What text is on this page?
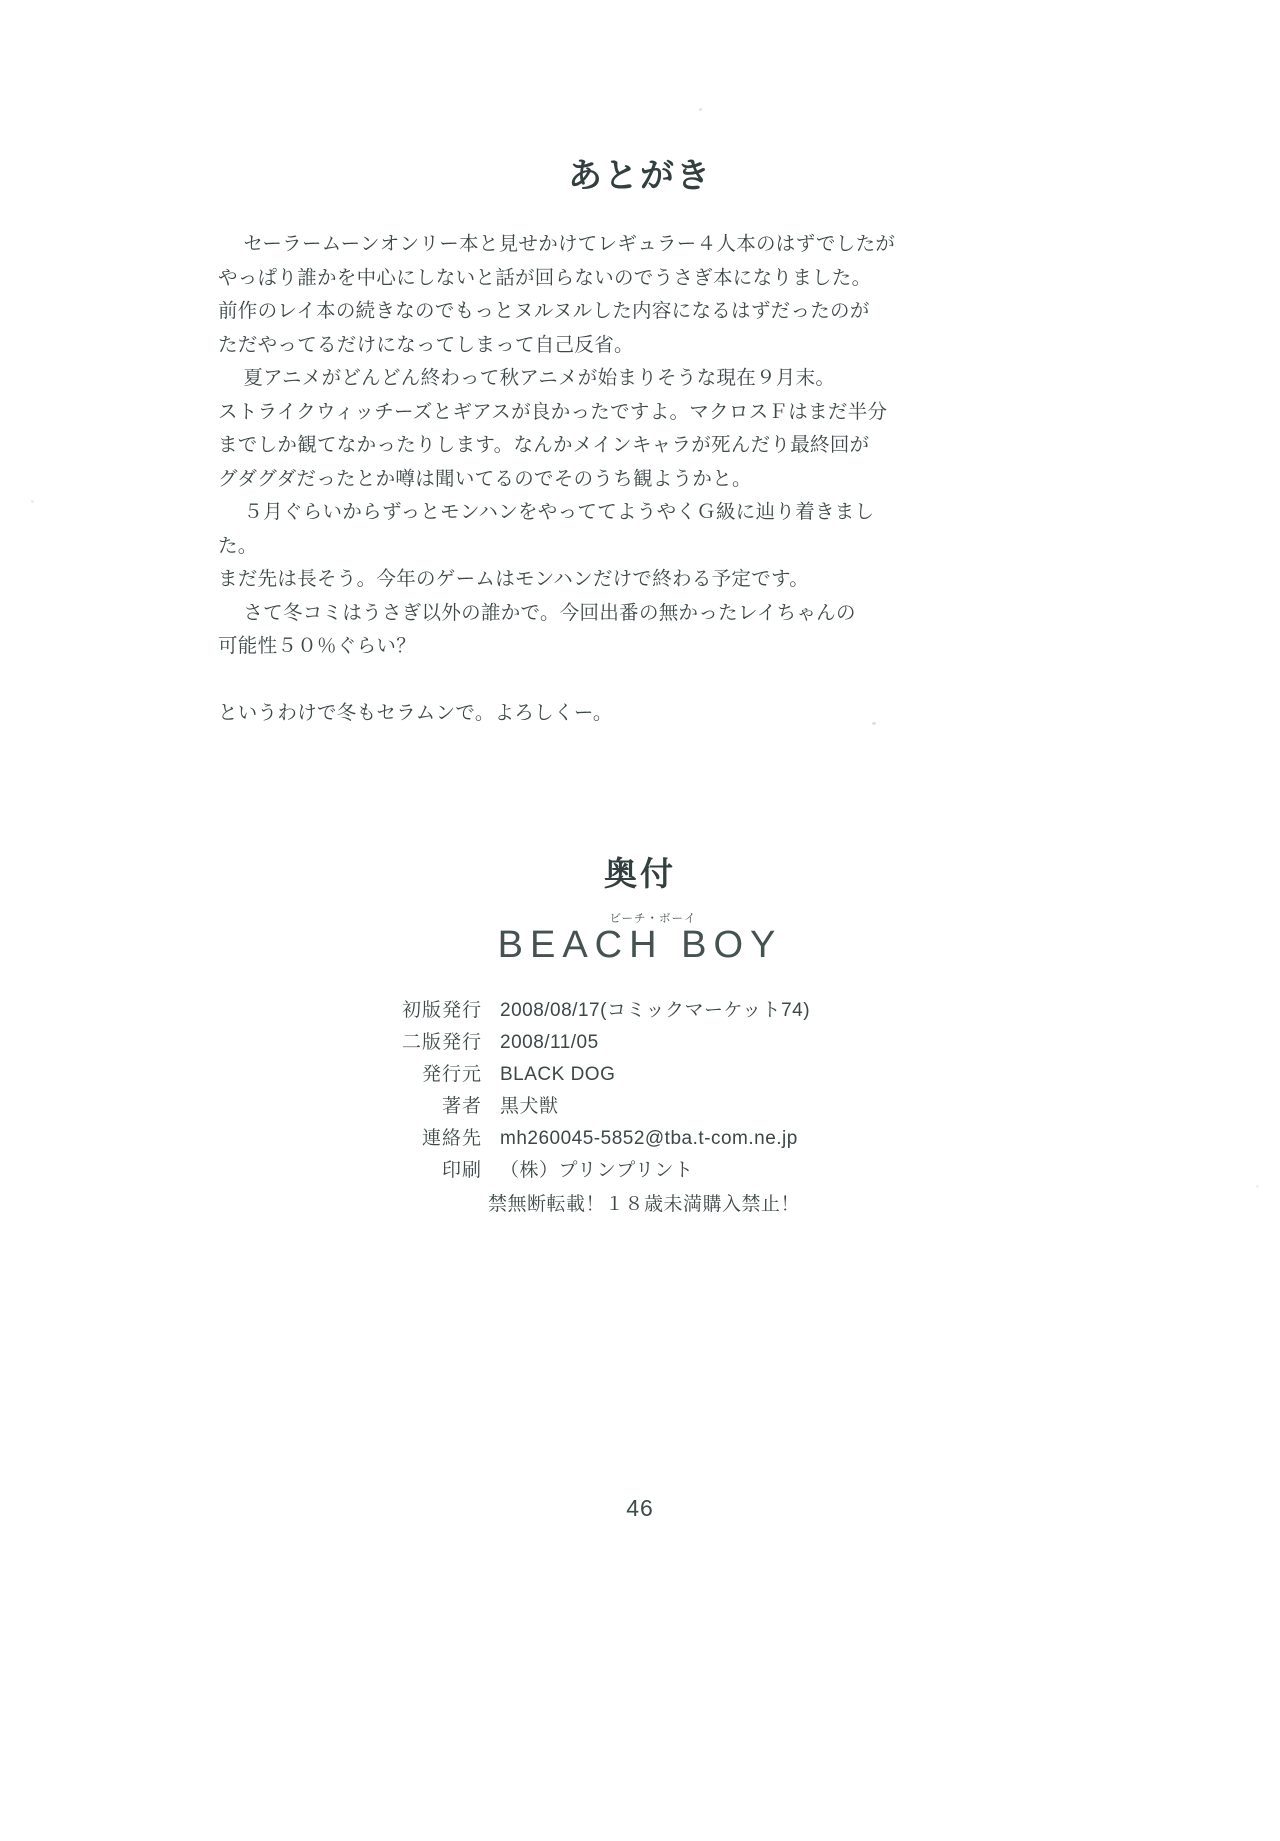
あとがき

セーラームーンオンリー本と見せかけてレギュラー４人本のはずでしたが

やっぱり誰かを中心にしないと話が回らないのでうさぎ本になりました。

前作のレイ本の続きなのでもっとヌルヌルした内容になるはずだったのが

ただやってるだけになってしまって自己反省。

夏アニメがどんどん終わって秋アニメが始まりそうな現在９月末。

ストライクウィッチーズとギアスが良かったですよ。マクロスＦはまだ半分

までしか観てなかったりします。なんかメインキャラが死んだり最終回が

グダグダだったとか噂は聞いてるのでそのうち観ようかと。

５月ぐらいからずっとモンハンをやっててようやくＧ級に辿り着きました。

まだ先は長そう。今年のゲームはモンハンだけで終わる予定です。

さて冬コミはうさぎ以外の誰かで。今回出番の無かったレイちゃんの

可能性５０％ぐらい？

というわけで冬もセラムンで。よろしくー。

奥付
ビーチ・ボーイ
BEACH BOY
初版発行 2008/08/17(コミックマーケット74)
二版発行 2008/11/05
発行元 BLACK DOG
著者 黒犬獣
連絡先 mh260045-5852@tba.t-com.ne.jp
印刷 （株）プリンプリント
禁無断転載！１８歳未満購入禁止！
46
